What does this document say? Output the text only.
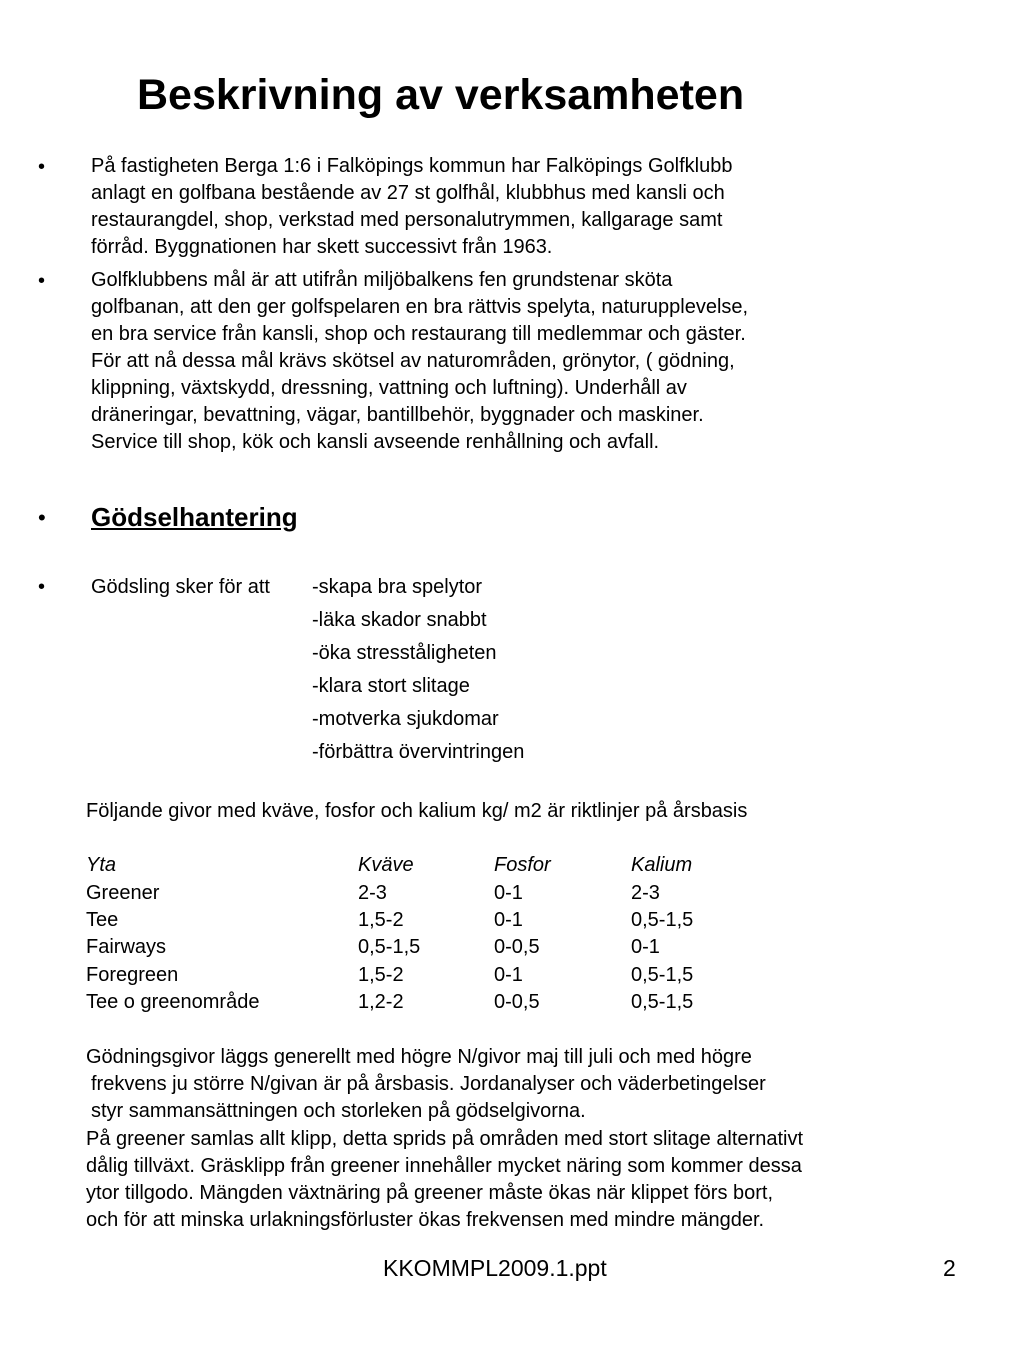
Beskrivning av verksamheten
• På fastigheten Berga 1:6 i Falköpings kommun har Falköpings Golfklubb
anlagt en golfbana bestående av 27 st golfhål, klubbhus med kansli och
restaurangdel, shop, verkstad med personalutrymmen, kallgarage samt
förråd. Byggnationen har skett successivt från 1963.
• Golfklubbens mål är att utifrån miljöbalkens fen grundstenar sköta
golfbanan, att den ger golfspelaren en bra rättvis spelyta, naturupplevelse,
en bra service från kansli, shop och restaurang till medlemmar och gäster.
För att nå dessa mål krävs skötsel av naturområden, grönytor, ( gödning,
klippning, växtskydd, dressning, vattning och luftning). Underhåll av
dräneringar, bevattning, vägar, bantillbehör, byggnader och maskiner.
Service till shop, kök och kansli avseende renhållning och avfall.
• Gödselhantering
• Gödsling sker för att -skapa bra spelytor
-läka skador snabbt
-öka stresståligheten
-klara stort slitage
-motverka sjukdomar
-förbättra övervintringen
Följande givor med kväve, fosfor och kalium kg/ m2 är riktlinjer på årsbasis
Yta	Kväve	Fosfor	Kalium
Greener	2-3	0-1	2-3
Tee	1,5-2	0-1	0,5-1,5
Fairways	0,5-1,5	0-0,5	0-1
Foregreen	1,5-2	0-1	0,5-1,5
Tee o greenområde	1,2-2	0-0,5	0,5-1,5
Gödningsgivor läggs generellt med högre N/givor maj till juli och med högre
frekvens ju större N/givan är på årsbasis. Jordanalyser och väderbetingelser
styr sammansättningen och storleken på gödselgivorna.
På greener samlas allt klipp, detta sprids på områden med stort slitage alternativt
dålig tillväxt. Gräsklipp från greener innehåller mycket näring som kommer dessa
ytor tillgodo. Mängden växtnäring på greener måste ökas när klippet förs bort,
och för att minska urlakningsförluster ökas frekvensen med mindre mängder.
KKOMMPL2009.1.ppt	2
